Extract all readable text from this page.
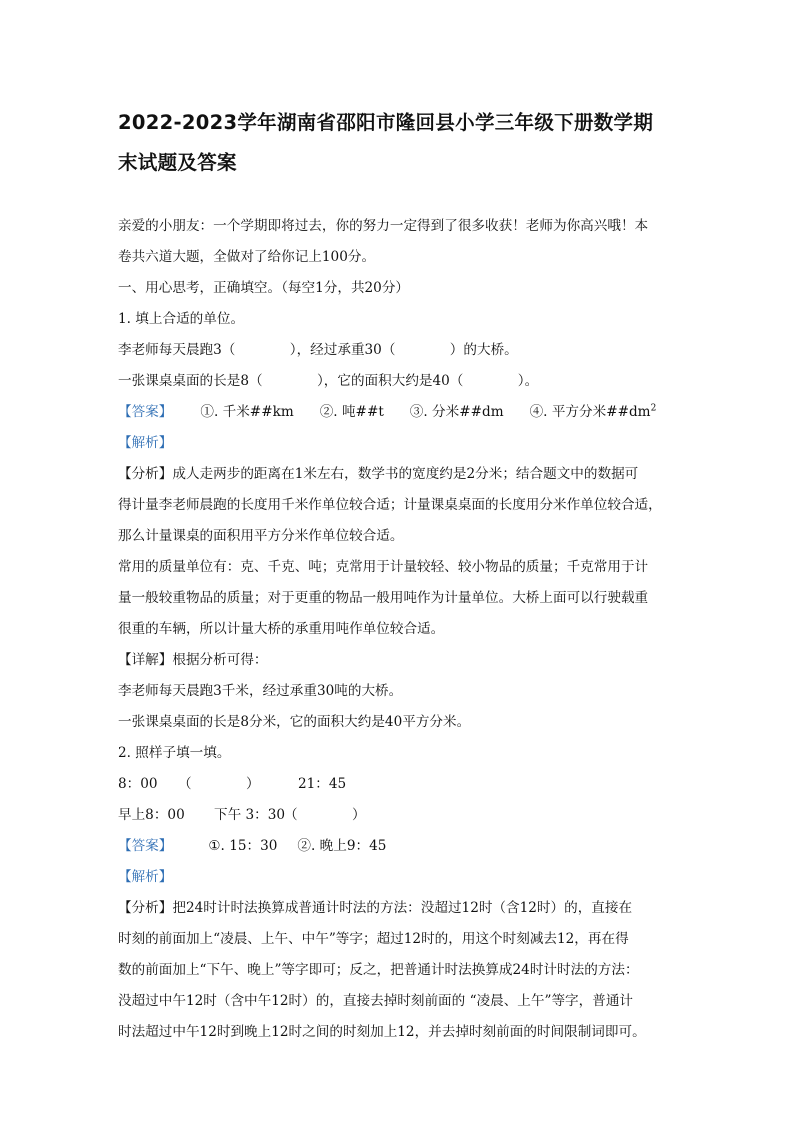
2022-2023学年湖南省邵阳市隆回县小学三年级下册数学期
末试题及答案
亲爱的小朋友：一个学期即将过去，你的努力一定得到了很多收获！老师为你高兴哦！本
卷共六道大题，全做对了给你记上100分。
一、用心思考，正确填空。（每空1分，共20分）
1. 填上合适的单位。
李老师每天晨跑3（　　　　），经过承重30（　　　　）的大桥。
一张课桌桌面的长是8（　　　　），它的面积大约是40（　　　　）。
【答案】 ①. 千米##km ②. 吨##t ③. 分米##dm ④. 平方分米$\#\#dm^2$
【解析】
【分析】成人走两步的距离在1米左右，数学书的宽度约是2分米；结合题文中的数据可
得计量李老师晨跑的长度用千米作单位较合适；计量课桌桌面的长度用分米作单位较合适，
那么计量课桌的面积用平方分米作单位较合适。
常用的质量单位有：克、千克、吨；克常用于计量较轻、较小物品的质量；千克常用于计
量一般较重物品的质量；对于更重的物品一般用吨作为计量单位。大桥上面可以行驶载重
很重的车辆，所以计量大桥的承重用吨作单位较合适。
【详解】根据分析可得：
李老师每天晨跑3千米，经过承重30吨的大桥。
一张课桌桌面的长是8分米，它的面积大约是40平方分米。
2. 照样子填一填。
8：00 （　　　　）	21：45
早上8：00 下午 3：30（　　　　）
【答案】	①. 15：30 ②. 晚上9：45
【解析】
【分析】把24时计时法换算成普通计时法的方法：没超过12时（含12时）的，直接在
时刻的前面加上“凌晨、上午、中午”等字；超过12时的，用这个时刻减去12，再在得
数的前面加上“下午、晚上”等字即可；反之，把普通计时法换算成24时计时法的方法：
没超过中午12时（含中午12时）的，直接去掉时刻前面的 “凌晨、上午”等字，普通计
时法超过中午12时到晚上12时之间的时刻加上12，并去掉时刻前面的时间限制词即可。
